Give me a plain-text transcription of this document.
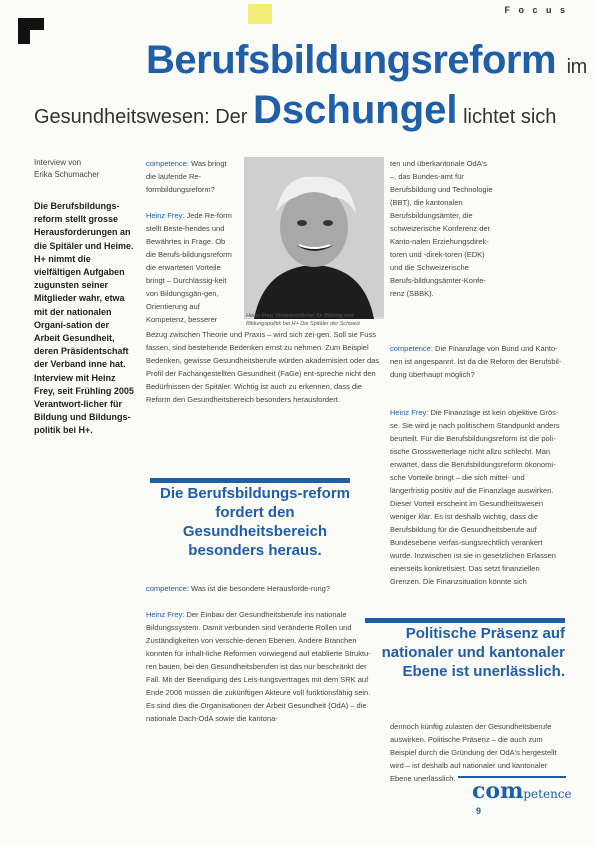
F o c u s
Berufsbildungsreform im
Gesundheitswesen: Der Dschungel lichtet sich
Interview von
Erika Schumacher
Die Berufsbildungs-reform stellt grosse Herausforderungen an die Spitäler und Heime. H+ nimmt die vielfältigen Aufgaben zugunsten seiner Mitglieder wahr, etwa mit der nationalen Organi-sation der Arbeit Gesundheit, deren Präsidentschaft der Verband inne hat. Interview mit Heinz Frey, seit Frühling 2005 Verantwort-licher für Bildung und Bildungs-politik bei H+.
competence: Was bringt die laufende Re-formbildungsreform?

Heinz Frey: Jede Re-form stellt Beste-hendes und Bewährtes in Frage. Ob die Berufs-bildungsreform die erwarteten Vorteile bringt – Durchlässig-keit von Bildungsgän-gen, Orientierung auf Kompetenz, besserer	Heinz Frey, Verantwortlicher für Bildung und Bildungspolitik bei H+ Die Spitäler der Schweiz
ten und überkantonale OdA's –, das Bundes-amt für Berufsbildung und Technologie (BBT), die kantonalen Berufsbildungsämter, die schweizerische Konferenz der Kanto-nalen Erziehungsdirek-toren und -direk-toren (EDK) und die Schweizerische Berufs-bildungsämter-Konfe-renz (SBBK).
Bezug zwischen Theorie und Praxis – wird sich zei-gen. Soll sie Fuss fassen, sind bestehende Bedenken ernst zu nehmen. Zum Beispiel Bedenken, gewisse Gesundheitsberufe würden akademisiert oder das Profil der Fachangestellten Gesundheit (FaGe) ent-spreche nicht den Bedürfnissen der Spitäler. Wichtig ist auch zu erkennen, dass die Reform den Gesundheitsbereich besonders herausfordert.
competence: Die Finanzlage von Bund und Kanto-nen ist angespannt. Ist da die Reform der Berufsbil-dung überhaupt möglich?
Heinz Frey: Die Finanzlage ist kein objektive Grös-se. Sie wird je nach politischem Standpunkt anders beurteilt. Für die Berufsbildungsreform ist die poli-tische Grosswetterlage nicht allzu schlecht. Man erwartet, dass die Berufsbildungsreform ökonomi-sche Vorteile bringt – die sich mittel- und längerfristig positiv auf die Finanzlage auswirken. Dieser Vorteil erscheint im Gesundheitswesen weniger klar. Es ist deshalb wichtig, dass die Berufsbildung für die Gesundheitsberufe auf Bundesebene verfas-sungsrechtlich verankert wurde. Inzwischen ist sie in gesetzlichen Erlassen einerseits konkretisiert. Das setzt finanziellen Grenzen. Die Finanzsituation könnte sich
Die Berufsbildungs-reform fordert den Gesundheitsbereich besonders heraus.
competence: Was ist die besondere Herausforde-rung?

Heinz Frey: Der Einbau der Gesundheitsberufe ins nationale Bildungssystem. Damit verbunden sind veränderte Rollen und Zuständigkeiten von verschie-denen Ebenen. Andere Branchen konnten für inhalt-liche Reformen vorwiegend auf etablierte Struktu-ren bauen, bei den Gesundheitsberufen ist das nur beschränkt der Fall. Mit der Beendigung des Leis-tungsvertrages mit dem SRK auf Ende 2006 müssen die zukünftigen Akteure voll funktionsfähig sein. Es sind dies die Organisationen der Arbeit Gesundheit (OdA) – die nationale Dach-OdA sowie die kantona-
Politische Präsenz auf nationaler und kantonaler Ebene ist unerlässlich.
dennoch künftig zulasten der Gesundheitsberufe auswirken. Politische Präsenz – die auch zum Beispiel durch die Gründung der OdA's hergestellt wird – ist deshalb auf nationaler und kantonaler Ebene unerlässlich. competence
9
